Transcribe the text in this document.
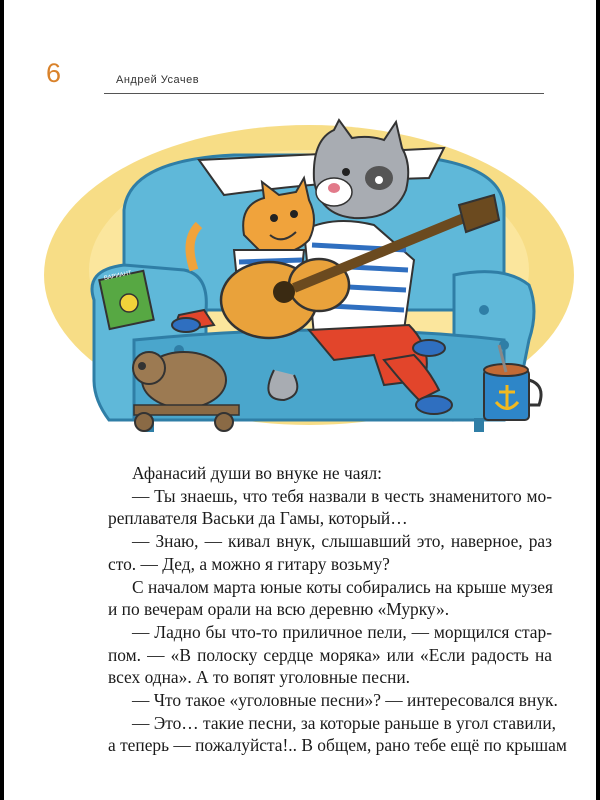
6	Андрей Усачев
ВАРИАНТ
Афанасий души во внуке не чаял:
— Ты знаешь, что тебя назвали в честь знаменитого мо-
реплавателя Васьки да Гамы, который…
— Знаю, — кивал внук, слышавший это, наверное, раз
сто. — Дед, а можно я гитару возьму?
С началом марта юные коты собирались на крыше музея
и по вечерам орали на всю деревню «Мурку».
— Ладно бы что-то приличное пели, — морщился стар-
пом. — «В полоску сердце моряка» или «Если радость на
всех одна». А то вопят уголовные песни.
— Что такое «уголовные песни»? — интересовался внук.
— Это… такие песни, за которые раньше в угол ставили,
а теперь — пожалуйста!.. В общем, рано тебе ещё по крышам
